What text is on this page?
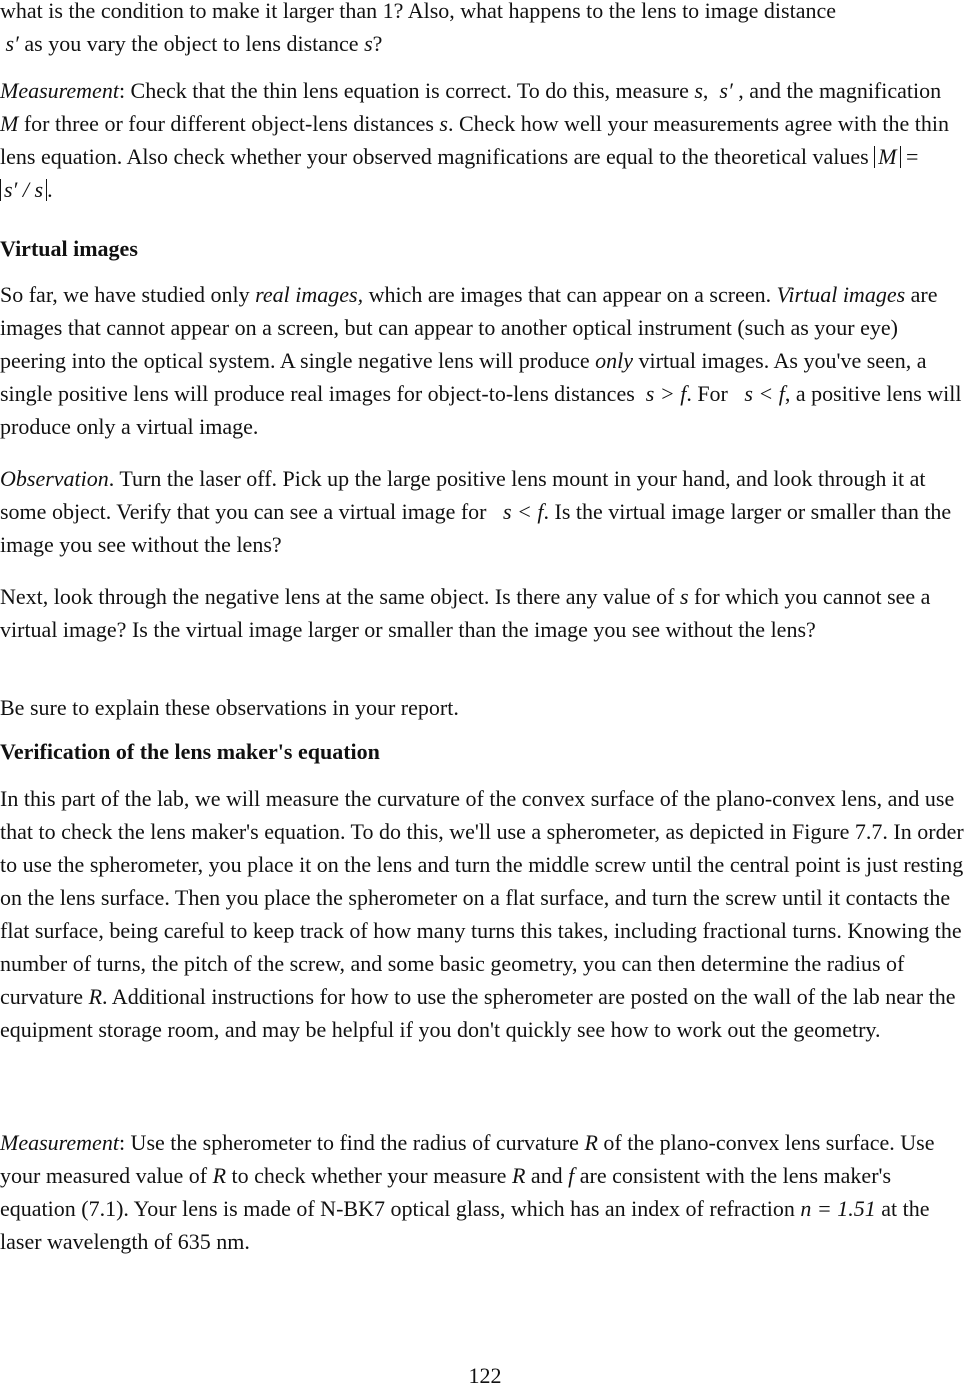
what is the condition to make it larger than 1? Also, what happens to the lens to image distance
s′ as you vary the object to lens distance s?

Measurement: Check that the thin lens equation is correct. To do this, measure s,  s′ , and the magnification M for three or four different object-lens distances s. Check how well your measurements agree with the thin lens equation. Also check whether your observed magnifications are equal to the theoretical values M = s′ / s .

Virtual images

So far, we have studied only real images, which are images that can appear on a screen. Virtual images are images that cannot appear on a screen, but can appear to another optical instrument (such as your eye) peering into the optical system. A single negative lens will produce only virtual images. As you've seen, a single positive lens will produce real images for object-to-lens distances  s > f. For   s < f, a positive lens will produce only a virtual image.

Observation. Turn the laser off. Pick up the large positive lens mount in your hand, and look through it at some object. Verify that you can see a virtual image for   s < f. Is the virtual image larger or smaller than the image you see without the lens?

Next, look through the negative lens at the same object. Is there any value of s for which you cannot see a virtual image? Is the virtual image larger or smaller than the image you see without the lens?

Be sure to explain these observations in your report.

Verification of the lens maker's equation

In this part of the lab, we will measure the curvature of the convex surface of the plano-convex lens, and use that to check the lens maker's equation. To do this, we'll use a spherometer, as depicted in Figure 7.7. In order to use the spherometer, you place it on the lens and turn the middle screw until the central point is just resting on the lens surface. Then you place the spherometer on a flat surface, and turn the screw until it contacts the flat surface, being careful to keep track of how many turns this takes, including fractional turns. Knowing the number of turns, the pitch of the screw, and some basic geometry, you can then determine the radius of curvature R. Additional instructions for how to use the spherometer are posted on the wall of the lab near the equipment storage room, and may be helpful if you don't quickly see how to work out the geometry.

Measurement: Use the spherometer to find the radius of curvature R of the plano-convex lens surface. Use your measured value of R to check whether your measure R and f are consistent with the lens maker's equation (7.1). Your lens is made of N-BK7 optical glass, which has an index of refraction n = 1.51 at the laser wavelength of 635 nm.

122
